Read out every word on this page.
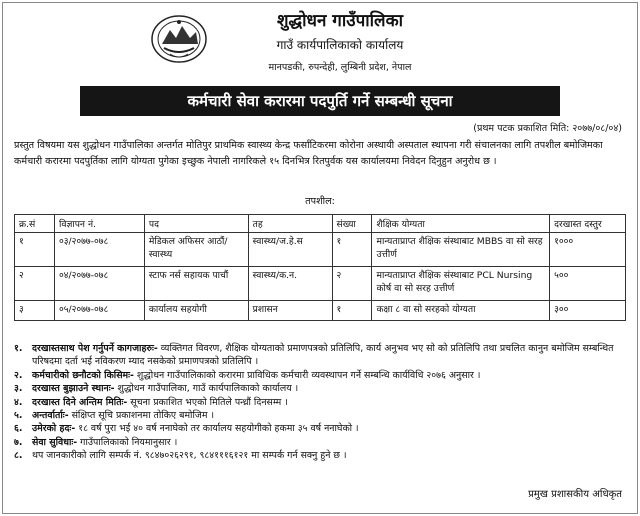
शुद्धोधन गाउँपालिका
गाउँ कार्यपालिकाको कार्यालय
मानपडकी, रुपन्देही, लुम्बिनी प्रदेश, नेपाल
कर्मचारी सेवा करारमा पदपुर्ति गर्ने सम्बन्धी सूचना
(प्रथम पटक प्रकाशित मिति: २०७७/०८/०४)
प्रस्तुत विषयमा यस शुद्धोधन गाउँपालिका अन्तर्गत मोतिपुर प्राथमिक स्वास्थ्य केन्द्र फर्सांटिकरमा कोरोना अस्थायी अस्पताल स्थापना गरी संचालनका लागि तपशील बमोजिमका कर्मचारी करारमा पदपुर्तिका लागि योग्यता पुगेका इच्छुक नेपाली नागरिकले १५ दिनभित्र रितपुर्वक यस कार्यालयमा निवेदन दिनुहुन अनुरोध छ ।
तपशील:
क्र.सं	विज्ञापन नं.	पद	तह	संख्या	शैक्षिक योग्यता	दरखास्त दस्तुर
१	०३/२०७७-०७८	मेडिकल अफिसर आठौं/स्वास्थ्य	स्वास्थ्य/ज.हे.स	१	मान्यताप्राप्त शैक्षिक संस्थाबाट MBBS वा सो सरह उत्तीर्ण	१०००
२	०४/२०७७-०७८	स्टाफ नर्स सहायक पाचौं	स्वास्थ्य/क.न.	२	मान्यताप्राप्त शैक्षिक संस्थाबाट PCL Nursing कोर्ष वा सो सरह उत्तीर्ण	५००
३	०५/२०७७-०७८	कार्यालय सहयोगी	प्रशासन	१	कक्षा ८ वा सो सरहको योग्यता	३००
१. दरखास्तसाथ पेश गर्नुपर्ने कागजाहरुः- व्यक्तिगत विवरण, शैक्षिक योग्यताको प्रमाणपत्रको प्रतिलिपि, कार्य अनुभव भए सो को प्रतिलिपि तथा प्रचलित कानुन बमोजिम सम्बन्धित परिषदमा दर्ता भई नविकरण म्याद नसकेको प्रमाणपत्रको प्रतिलिपि ।
२. कर्मचारीको छनौटको किसिमः- शुद्धोधन गाउँपालिकाको करारमा प्राविधिक कर्मचारी व्यवस्थापन गर्ने सम्बन्धि कार्यविधि २०७६ अनुसार ।
३. दरखास्त बुझाउने स्थानः- शुद्धोधन गाउँपालिका, गाउँ कार्यपालिकाको कार्यालय ।
४. दरखास्त दिने अन्तिम मितिः- सूचना प्रकाशित भएको मितिले पन्ध्रौं दिनसम्म ।
५. अन्तर्वार्ताः- संक्षिप्त सूचि प्रकाशनमा तोकिए बमोजिम ।
६. उमेरको हदः- १८ वर्ष पुरा भई ४० वर्ष ननाघेको तर कार्यालय सहयोगीको हकमा ३५ वर्ष ननाघेको ।
७. सेवा सुविधाः- गाउँपालिकाको नियमानुसार ।
८. थप जानकारीको लागि सम्पर्क नं. ९८४७०२६२९१, ९८४१११६१२१ मा सम्पर्क गर्न सक्नु हुने छ ।
प्रमुख प्रशासकीय अधिकृत
